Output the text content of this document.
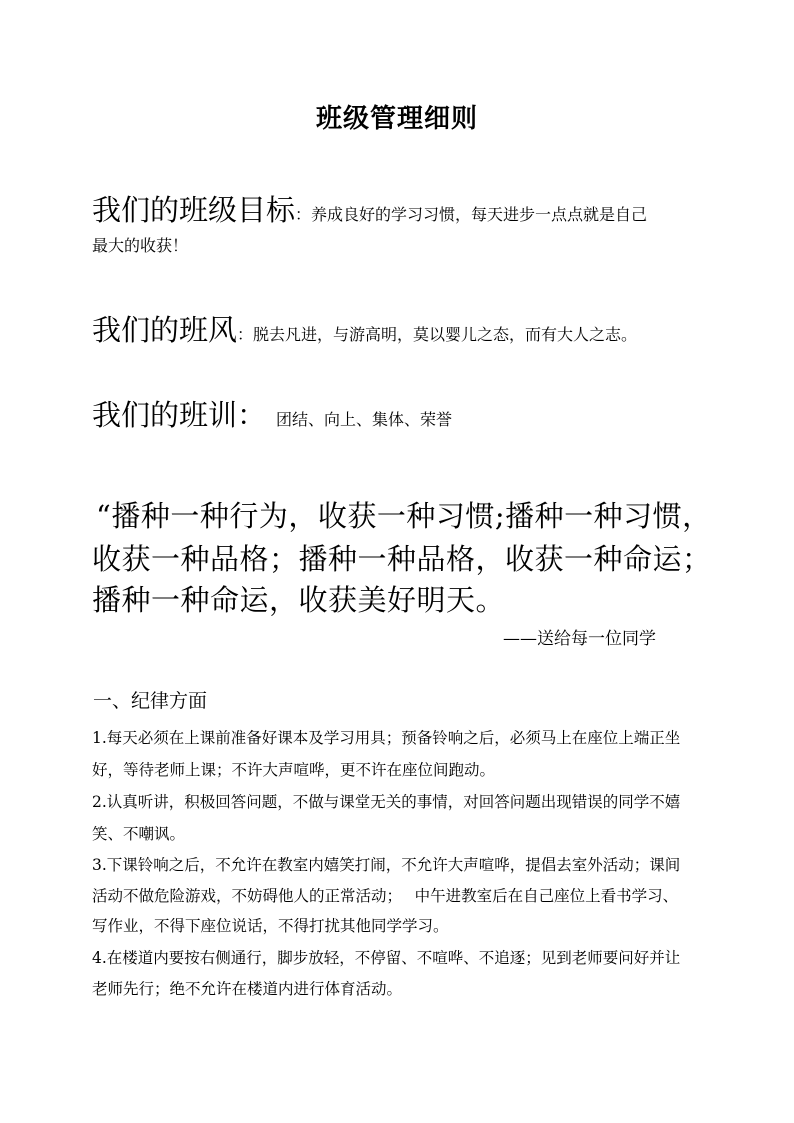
班级管理细则
我们的班级目标：养成良好的学习习惯，每天进步一点点就是自己
最大的收获！
我们的班风：脱去凡进，与游高明，莫以婴儿之态，而有大人之志。
我们的班训： 团结、向上、集体、荣誉
“播种一种行为，收获一种习惯;播种一种习惯，
收获一种品格；播种一种品格，收获一种命运；
播种一种命运，收获美好明天。
——送给每一位同学
一、纪律方面
1.每天必须在上课前准备好课本及学习用具；预备铃响之后，必须马上在座位上端正坐
好，等待老师上课；不许大声喧哗，更不许在座位间跑动。
2.认真听讲，积极回答问题，不做与课堂无关的事情，对回答问题出现错误的同学不嬉
笑、不嘲讽。
3.下课铃响之后，不允许在教室内嬉笑打闹，不允许大声喧哗，提倡去室外活动；课间
活动不做危险游戏，不妨碍他人的正常活动；　 中午进教室后在自己座位上看书学习、
写作业，不得下座位说话，不得打扰其他同学学习。
4.在楼道内要按右侧通行，脚步放轻，不停留、不喧哗、不追逐；见到老师要问好并让
老师先行；绝不允许在楼道内进行体育活动。
